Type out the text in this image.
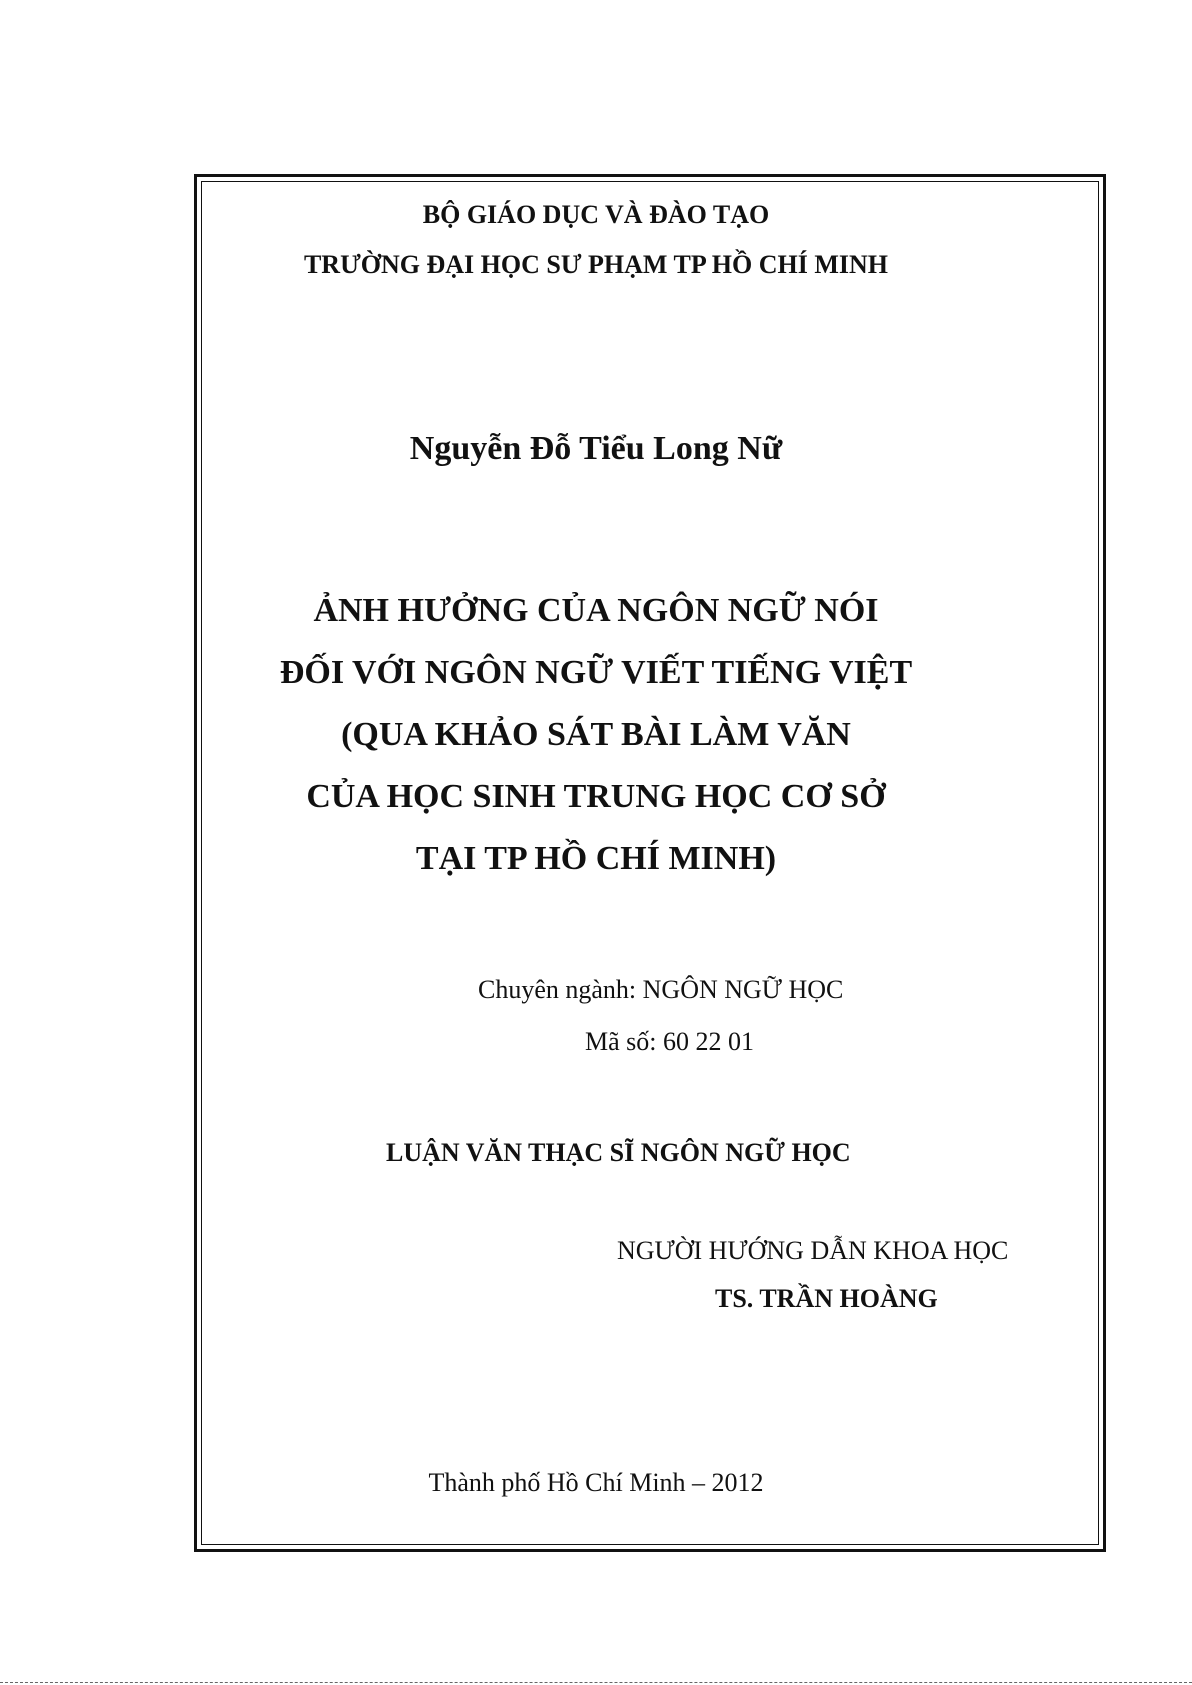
BỘ GIÁO DỤC VÀ ĐÀO TẠO
TRƯỜNG ĐẠI HỌC SƯ PHẠM TP HỒ CHÍ MINH
Nguyễn Đỗ Tiểu Long Nữ
ẢNH HƯỞNG CỦA NGÔN NGỮ NÓI
ĐỐI VỚI NGÔN NGỮ VIẾT TIẾNG VIỆT
(QUA KHẢO SÁT BÀI LÀM VĂN
CỦA HỌC SINH TRUNG HỌC CƠ SỞ
TẠI TP HỒ CHÍ MINH)
Chuyên ngành: NGÔN NGỮ HỌC
Mã số: 60 22 01
LUẬN VĂN THẠC SĨ NGÔN NGỮ HỌC
NGƯỜI HƯỚNG DẪN KHOA HỌC
TS. TRẦN HOÀNG
Thành phố Hồ Chí Minh – 2012
